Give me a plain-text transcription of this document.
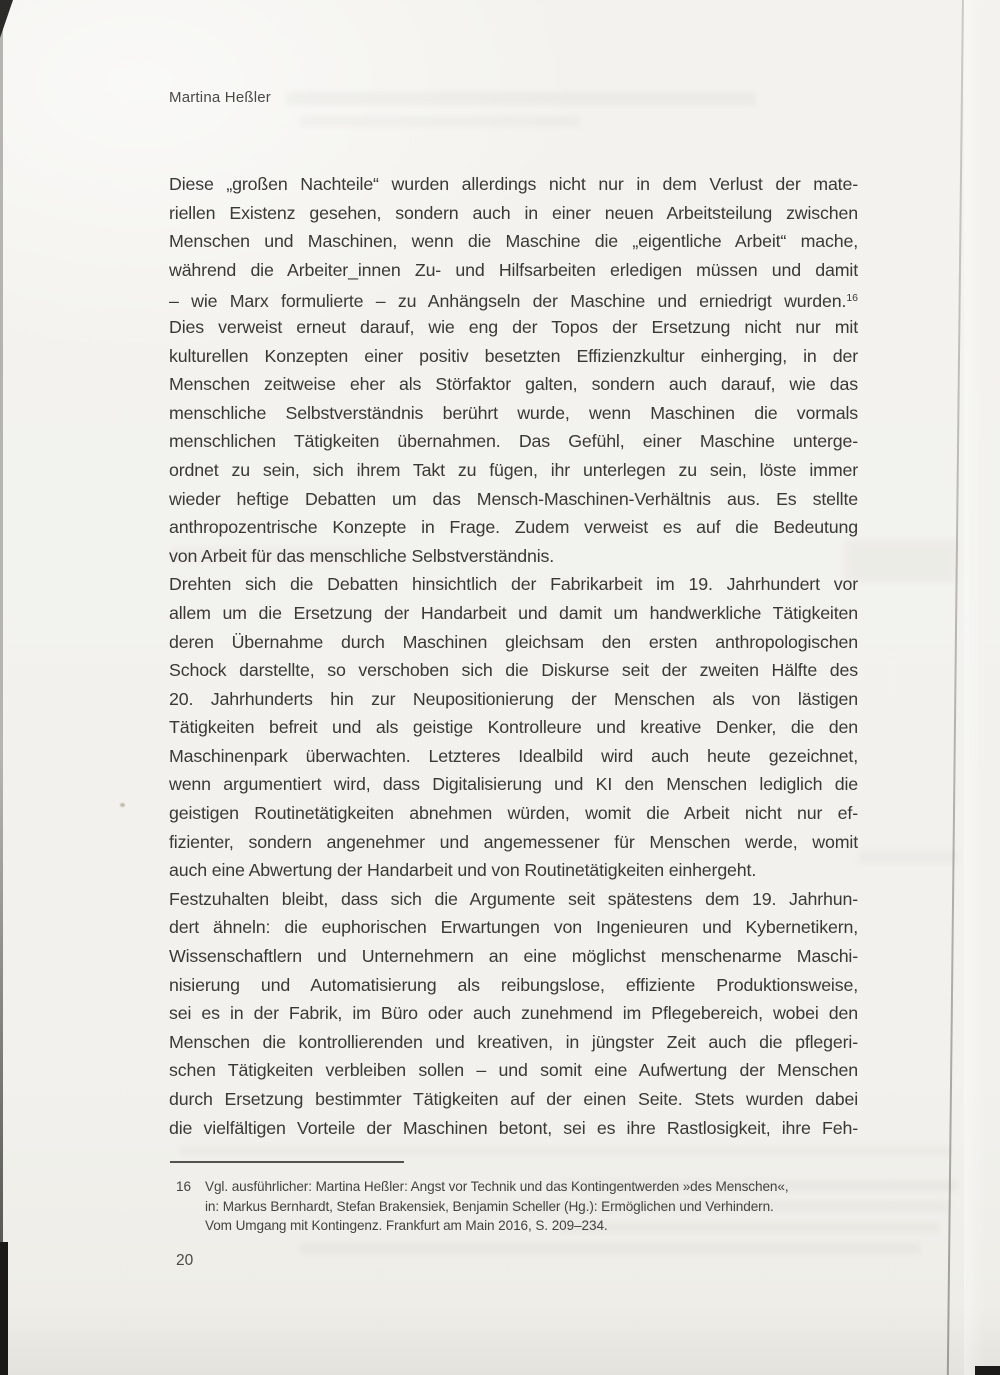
Martina Heßler
Diese „großen Nachteile“ wurden allerdings nicht nur in dem Verlust der mate-
riellen Existenz gesehen, sondern auch in einer neuen Arbeitsteilung zwischen
Menschen und Maschinen, wenn die Maschine die „eigentliche Arbeit“ mache,
während die Arbeiter_innen Zu- und Hilfsarbeiten erledigen müssen und damit
– wie Marx formulierte – zu Anhängseln der Maschine und erniedrigt wurden.$^{16}$
Dies verweist erneut darauf, wie eng der Topos der Ersetzung nicht nur mit
kulturellen Konzepten einer positiv besetzten Effizienzkultur einherging, in der
Menschen zeitweise eher als Störfaktor galten, sondern auch darauf, wie das
menschliche Selbstverständnis berührt wurde, wenn Maschinen die vormals
menschlichen Tätigkeiten übernahmen. Das Gefühl, einer Maschine unterge-
ordnet zu sein, sich ihrem Takt zu fügen, ihr unterlegen zu sein, löste immer
wieder heftige Debatten um das Mensch-Maschinen-Verhältnis aus. Es stellte
anthropozentrische Konzepte in Frage. Zudem verweist es auf die Bedeutung
von Arbeit für das menschliche Selbstverständnis.
Drehten sich die Debatten hinsichtlich der Fabrikarbeit im 19. Jahrhundert vor
allem um die Ersetzung der Handarbeit und damit um handwerkliche Tätigkeiten
deren Übernahme durch Maschinen gleichsam den ersten anthropologischen
Schock darstellte, so verschoben sich die Diskurse seit der zweiten Hälfte des
20. Jahrhunderts hin zur Neupositionierung der Menschen als von lästigen
Tätigkeiten befreit und als geistige Kontrolleure und kreative Denker, die den
Maschinenpark überwachten. Letzteres Idealbild wird auch heute gezeichnet,
wenn argumentiert wird, dass Digitalisierung und KI den Menschen lediglich die
geistigen Routinetätigkeiten abnehmen würden, womit die Arbeit nicht nur ef-
fizienter, sondern angenehmer und angemessener für Menschen werde, womit
auch eine Abwertung der Handarbeit und von Routinetätigkeiten einhergeht.
Festzuhalten bleibt, dass sich die Argumente seit spätestens dem 19. Jahrhun-
dert ähneln: die euphorischen Erwartungen von Ingenieuren und Kybernetikern,
Wissenschaftlern und Unternehmern an eine möglichst menschenarme Maschi-
nisierung und Automatisierung als reibungslose, effiziente Produktionsweise,
sei es in der Fabrik, im Büro oder auch zunehmend im Pflegebereich, wobei den
Menschen die kontrollierenden und kreativen, in jüngster Zeit auch die pflegeri-
schen Tätigkeiten verbleiben sollen – und somit eine Aufwertung der Menschen
durch Ersetzung bestimmter Tätigkeiten auf der einen Seite. Stets wurden dabei
die vielfältigen Vorteile der Maschinen betont, sei es ihre Rastlosigkeit, ihre Feh-
16	Vgl. ausführlicher: Martina Heßler: Angst vor Technik und das Kontingentwerden »des Menschen«,
in: Markus Bernhardt, Stefan Brakensiek, Benjamin Scheller (Hg.): Ermöglichen und Verhindern.
Vom Umgang mit Kontingenz. Frankfurt am Main 2016, S. 209–234.
20
